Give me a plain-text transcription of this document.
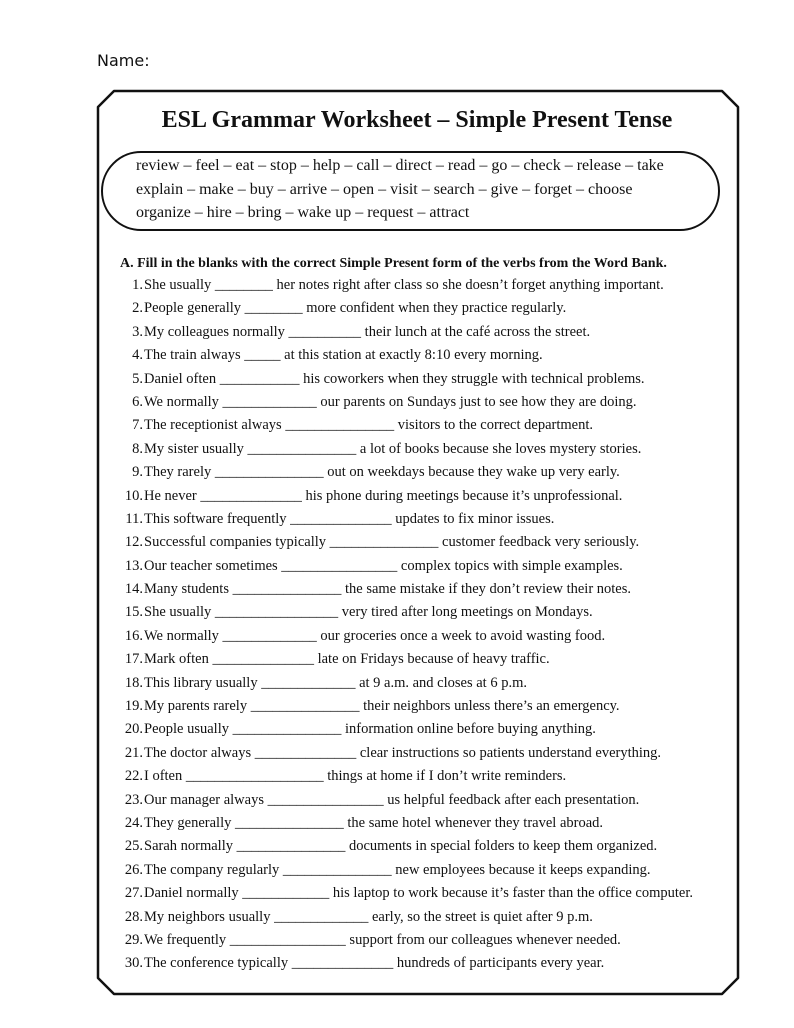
Name:
ESL Grammar Worksheet – Simple Present Tense
review – feel – eat – stop – help – call – direct – read – go – check – release – take
explain – make – buy – arrive – open – visit – search – give – forget – choose
organize – hire – bring – wake up – request – attract
A. Fill in the blanks with the correct Simple Present form of the verbs from the Word Bank.
1. She usually ________ her notes right after class so she doesn’t forget anything important.
2. People generally ________ more confident when they practice regularly.
3. My colleagues normally __________ their lunch at the café across the street.
4. The train always _____ at this station at exactly 8:10 every morning.
5. Daniel often ___________ his coworkers when they struggle with technical problems.
6. We normally _____________ our parents on Sundays just to see how they are doing.
7. The receptionist always _______________ visitors to the correct department.
8. My sister usually _______________ a lot of books because she loves mystery stories.
9. They rarely _______________ out on weekdays because they wake up very early.
10. He never ______________ his phone during meetings because it’s unprofessional.
11. This software frequently ______________ updates to fix minor issues.
12. Successful companies typically _______________ customer feedback very seriously.
13. Our teacher sometimes ________________ complex topics with simple examples.
14. Many students _______________ the same mistake if they don’t review their notes.
15. She usually _________________ very tired after long meetings on Mondays.
16. We normally _____________ our groceries once a week to avoid wasting food.
17. Mark often ______________ late on Fridays because of heavy traffic.
18. This library usually _____________ at 9 a.m. and closes at 6 p.m.
19. My parents rarely _______________ their neighbors unless there’s an emergency.
20. People usually _______________ information online before buying anything.
21. The doctor always ______________ clear instructions so patients understand everything.
22. I often ___________________ things at home if I don’t write reminders.
23. Our manager always ________________ us helpful feedback after each presentation.
24. They generally _______________ the same hotel whenever they travel abroad.
25. Sarah normally _______________ documents in special folders to keep them organized.
26. The company regularly _______________ new employees because it keeps expanding.
27. Daniel normally ____________ his laptop to work because it’s faster than the office computer.
28. My neighbors usually _____________ early, so the street is quiet after 9 p.m.
29. We frequently ________________ support from our colleagues whenever needed.
30. The conference typically ______________ hundreds of participants every year.
